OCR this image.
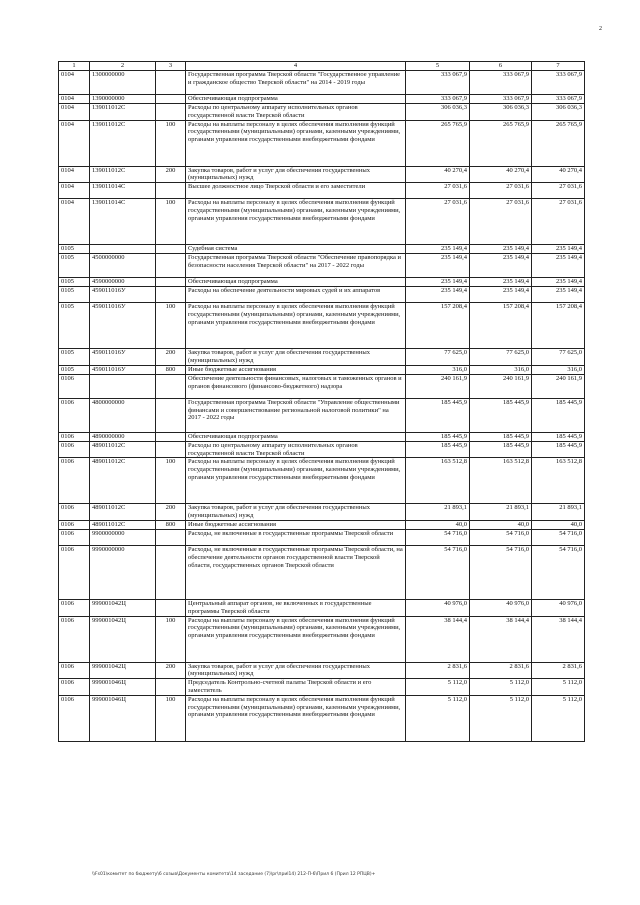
2
1	2	3	4	5	6	7
0104	1300000000		Государственная программа Тверской области "Государственное управление и гражданское общество Тверской области" на 2014 - 2019 годы	333 067,9	333 067,9	333 067,9
0104	1390000000		Обеспечивающая подпрограмма	333 067,9	333 067,9	333 067,9
0104	139011012С		Расходы по центральному аппарату исполнительных органов государственной власти Тверской области	306 036,3	306 036,3	306 036,3
0104	139011012С	100	Расходы на выплаты персоналу в целях обеспечения выполнения функций государственными (муниципальными) органами, казенными учреждениями, органами управления государственными внебюджетными фондами	265 765,9	265 765,9	265 765,9
0104	139011012С	200	Закупка товаров, работ и услуг для обеспечения государственных (муниципальных) нужд	40 270,4	40 270,4	40 270,4
0104	139011014С		Высшее должностное лицо Тверской области и его заместители	27 031,6	27 031,6	27 031,6
0104	139011014С	100	Расходы на выплаты персоналу в целях обеспечения выполнения функций государственными (муниципальными) органами, казенными учреждениями, органами управления государственными внебюджетными фондами	27 031,6	27 031,6	27 031,6
0105			Судебная система	235 149,4	235 149,4	235 149,4
0105	4500000000		Государственная программа Тверской области "Обеспечение правопорядка и безопасности населения Тверской области" на 2017 - 2022 годы	235 149,4	235 149,4	235 149,4
0105	4590000000		Обеспечивающая подпрограмма	235 149,4	235 149,4	235 149,4
0105	459011016У		Расходы на обеспечение деятельности мировых судей и их аппаратов	235 149,4	235 149,4	235 149,4
0105	459011016У	100	Расходы на выплаты персоналу в целях обеспечения выполнения функций государственными (муниципальными) органами, казенными учреждениями, органами управления государственными внебюджетными фондами	157 208,4	157 208,4	157 208,4
0105	459011016У	200	Закупка товаров, работ и услуг для обеспечения государственных (муниципальных) нужд	77 625,0	77 625,0	77 625,0
0105	459011016У	800	Иные бюджетные ассигнования	316,0	316,0	316,0
0106			Обеспечение деятельности финансовых, налоговых и таможенных органов и органов финансового (финансово-бюджетного) надзора	240 161,9	240 161,9	240 161,9
0106	4800000000		Государственная программа Тверской области "Управление общественными финансами и совершенствование региональной налоговой политики" на 2017 - 2022 годы	185 445,9	185 445,9	185 445,9
0106	4890000000		Обеспечивающая подпрограмма	185 445,9	185 445,9	185 445,9
0106	489011012С		Расходы по центральному аппарату исполнительных органов государственной власти Тверской области	185 445,9	185 445,9	185 445,9
0106	489011012С	100	Расходы на выплаты персоналу в целях обеспечения выполнения функций государственными (муниципальными) органами, казенными учреждениями, органами управления государственными внебюджетными фондами	163 512,8	163 512,8	163 512,8
0106	489011012С	200	Закупка товаров, работ и услуг для обеспечения государственных (муниципальных) нужд	21 893,1	21 893,1	21 893,1
0106	489011012С	800	Иные бюджетные ассигнования	40,0	40,0	40,0
0106	9900000000		Расходы, не включенные в государственные программы Тверской области	54 716,0	54 716,0	54 716,0
0106	9990000000		Расходы, не включенные в государственные программы Тверской области, на обеспечение деятельности органов государственной власти Тверской области, государственных органов Тверской области	54 716,0	54 716,0	54 716,0
0106	999001042Ц		Центральный аппарат органов, не включенных в государственные программы Тверской области	40 976,0	40 976,0	40 976,0
0106	999001042Ц	100	Расходы на выплаты персоналу в целях обеспечения выполнения функций государственными (муниципальными) органами, казенными учреждениями, органами управления государственными внебюджетными фондами	38 144,4	38 144,4	38 144,4
0106	999001042Ц	200	Закупка товаров, работ и услуг для обеспечения государственных (муниципальных) нужд	2 831,6	2 831,6	2 831,6
0106	999001046Ц		Председатель Контрольно-счетной палаты Тверской области и его заместитель	5 112,0	5 112,0	5 112,0
0106	999001046Ц	100	Расходы на выплаты персоналу в целях обеспечения выполнения функций государственными (муниципальными) органами, казенными учреждениями, органами управления государственными внебюджетными фондами	5 112,0	5 112,0	5 112,0
\\Fs01\комитет по бюджету\6 созыв\Документы комитета\14 заседание (7)\pr\приl14) 212-П-6\Прил 6 (Прил 12 РПЦВ)+
